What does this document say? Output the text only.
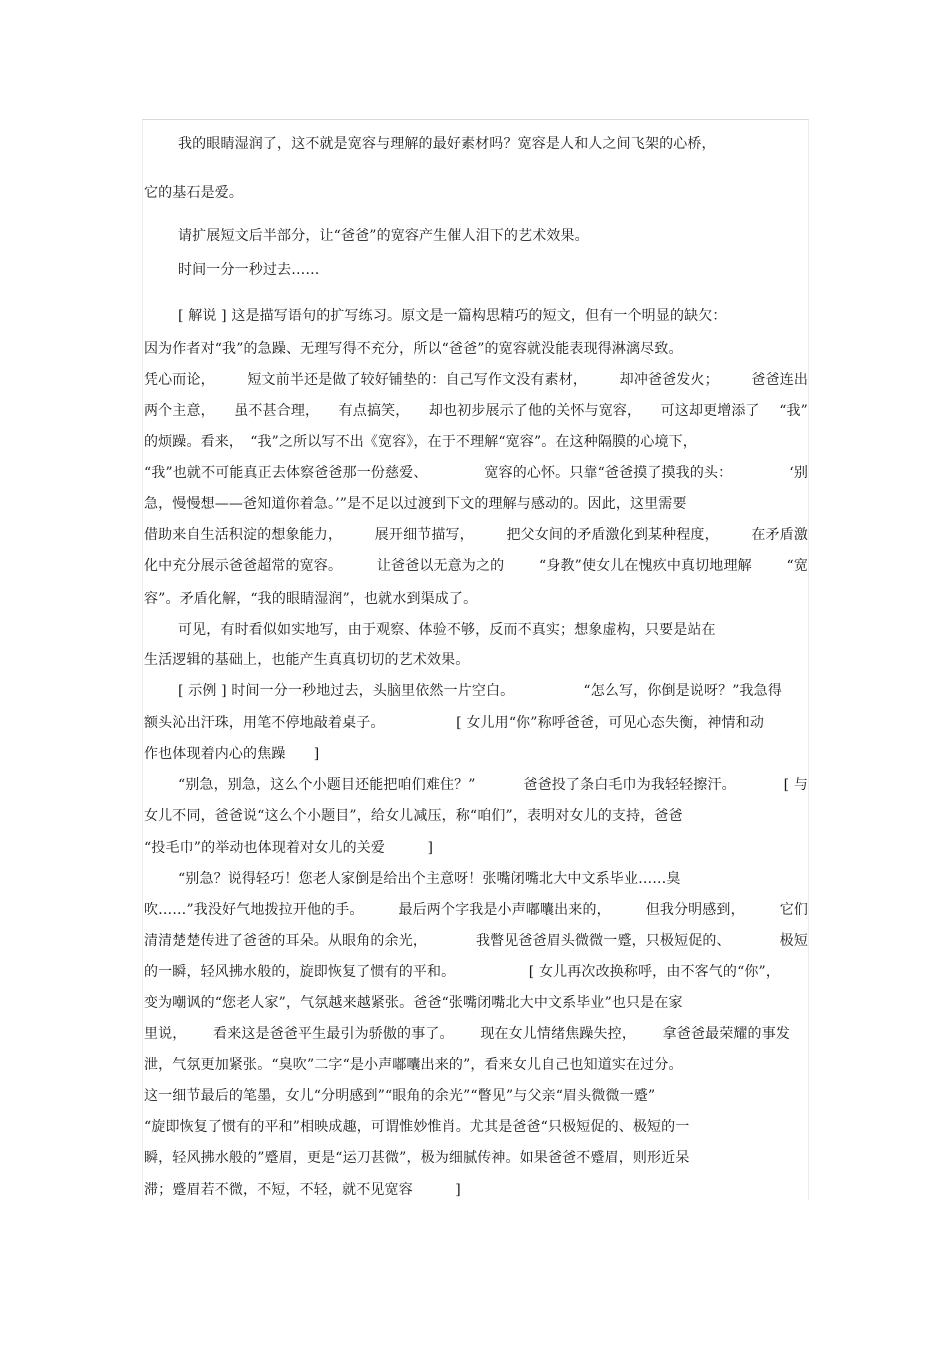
我的眼睛湿润了，这不就是宽容与理解的最好素材吗？宽容是人和人之间飞架的心桥，
它的基石是爱。
请扩展短文后半部分，让“爸爸”的宽容产生催人泪下的艺术效果。
时间一分一秒过去……
[ 解说 ] 这是描写语句的扩写练习。原文是一篇构思精巧的短文，但有一个明显的缺欠：
因为作者对“我”的急躁、无理写得不充分，所以“爸爸”的宽容就没能表现得淋漓尽致。
凭心而论， 短文前半还是做了较好铺垫的：自己写作文没有素材， 却冲爸爸发火； 爸爸连出
两个主意， 虽不甚合理， 有点搞笑， 却也初步展示了他的关怀与宽容， 可这却更增添了 “我”
的烦躁。看来，　“我”之所以写不出《宽容》，在于不理解“宽容”。在这种隔膜的心境下，
“我”也就不可能真正去体察爸爸那一份慈爱、	宽容的心怀。只靠“爸爸摸了摸我的头：	‘别
急，慢慢想——爸知道你着急。’”是不足以过渡到下文的理解与感动的。因此，这里需要
借助来自生活积淀的想象能力， 展开细节描写， 把父女间的矛盾激化到某种程度， 在矛盾激
化中充分展示爸爸超常的宽容。 让爸爸以无意为之的 “身教”使女儿在愧疚中真切地理解 “宽
容”。矛盾化解，“我的眼睛湿润”，也就水到渠成了。
可见，有时看似如实地写，由于观察、体验不够，反而不真实；想象虚构，只要是站在
生活逻辑的基础上，也能产生真真切切的艺术效果。
[ 示例 ] 时间一分一秒地过去，头脑里依然一片空白。	“怎么写，你倒是说呀？”我急得
额头沁出汗珠，用笔不停地敲着桌子。	[ 女儿用“你”称呼爸爸，可见心态失衡，神情和动
作也体现着内心的焦躁　　]
“别急，别急，这么个小题目还能把咱们难住？”	爸爸投了条白毛巾为我轻轻擦汗。	[ 与
女儿不同，爸爸说“这么个小题目”，给女儿减压，称“咱们”，表明对女儿的支持，爸爸
“投毛巾”的举动也体现着对女儿的关爱　　　]
“别急？说得轻巧！您老人家倒是给出个主意呀！张嘴闭嘴北大中文系毕业……臭
吹……”我没好气地拨拉开他的手。 最后两个字我是小声嘟囔出来的， 但我分明感到， 它们
清清楚楚传进了爸爸的耳朵。从眼角的余光，	我瞥见爸爸眉头微微一蹙，只极短促的、	极短
的一瞬，轻风拂水般的，旋即恢复了惯有的平和。	[ 女儿再次改换称呼，由不客气的“你”，
变为嘲讽的“您老人家”，气氛越来越紧张。爸爸“张嘴闭嘴北大中文系毕业”也只是在家
里说， 看来这是爸爸平生最引为骄傲的事了。 现在女儿情绪焦躁失控， 拿爸爸最荣耀的事发
泄，气氛更加紧张。“臭吹”二字“是小声嘟囔出来的”，看来女儿自己也知道实在过分。
这一细节最后的笔墨，女儿“分明感到”“眼角的余光”“瞥见”与父亲“眉头微微一蹙”
“旋即恢复了惯有的平和”相映成趣，可谓惟妙惟肖。尤其是爸爸“只极短促的、极短的一
瞬，轻风拂水般的”蹙眉，更是“运刀甚微”，极为细腻传神。如果爸爸不蹙眉，则形近呆
滞；蹙眉若不微，不短，不轻，就不见宽容　　　]
